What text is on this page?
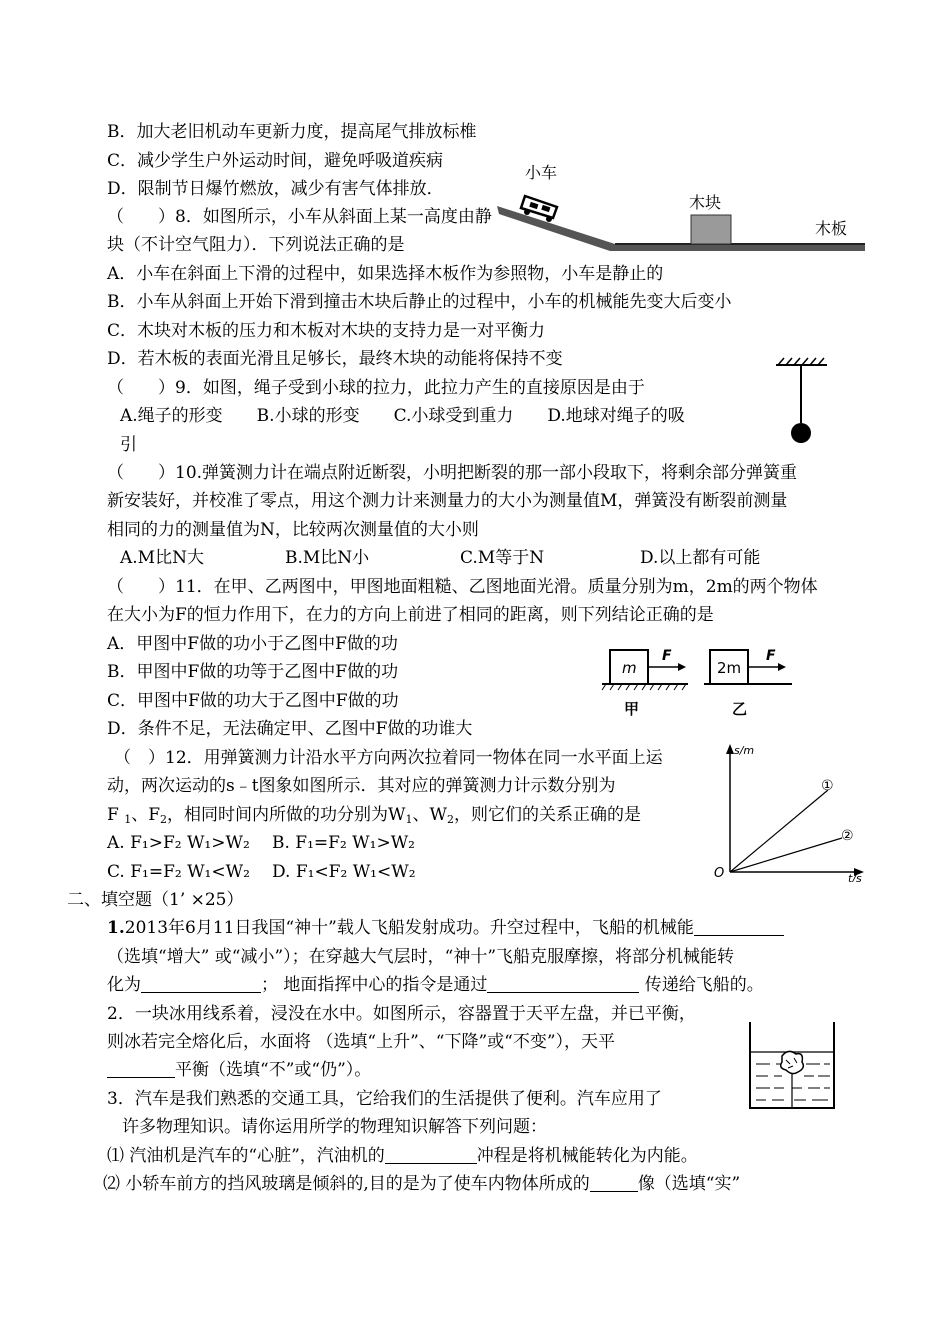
B．加大老旧机动车更新力度，提高尾气排放标椎
C．减少学生户外运动时间，避免呼吸道疾病
D．限制节日爆竹燃放，减少有害气体排放．
（　　）8．如图所示，小车从斜面上某一高度由静
块（不计空气阻力）．下列说法正确的是
小车
木块
木板
A．小车在斜面上下滑的过程中，如果选择木板作为参照物，小车是静止的
B．小车从斜面上开始下滑到撞击木块后静止的过程中，小车的机械能先变大后变小
C．木块对木板的压力和木板对木块的支持力是一对平衡力
D．若木板的表面光滑且足够长，最终木块的动能将保持不变
（　　）9．如图，绳子受到小球的拉力，此拉力产生的直接原因是由于
A.绳子的形变　　B.小球的形变　　C.小球受到重力　　D.地球对绳子的吸
引
（　　）10.弹簧测力计在端点附近断裂，小明把断裂的那一部小段取下，将剩余部分弹簧重
新安装好，并校准了零点，用这个测力计来测量力的大小为测量值M，弹簧没有断裂前测量
相同的力的测量值为N，比较两次测量值的大小则
A.M比N大	B.M比N小	C.M等于N	D.以上都有可能
（　　）11．在甲、乙两图中，甲图地面粗糙、乙图地面光滑。质量分别为m，2m的两个物体
在大小为F的恒力作用下，在力的方向上前进了相同的距离，则下列结论正确的是
A．甲图中F做的功小于乙图中F做的功
B．甲图中F做的功等于乙图中F做的功
C．甲图中F做的功大于乙图中F做的功
D．条件不足，无法确定甲、乙图中F做的功谁大
m
F
甲
2m
F
乙
（　）12．用弹簧测力计沿水平方向两次拉着同一物体在同一水平面上运
动，两次运动的s﹣t图象如图所示．其对应的弹簧测力计示数分别为
F $_1$、$F_2$，相同时间内所做的功分别为$W_1$、$W_2$，则它们的关系正确的是
A. F₁>F₂ W₁>W₂ B. F₁=F₂ W₁>W₂
C. F₁=F₂ W₁<W₂ D. F₁<F₂ W₁<W₂
s/m
t/s
O
①
②
二、填空题（1’ ×25）
1.2013年6月11日我国“神十”载人飞船发射成功。升空过程中，飞船的机械能
（选填“增大” 或“减小”）；在穿越大气层时，“神十”飞船克服摩擦，将部分机械能转
化为	； 地面指挥中心的指令是通过	传递给飞船的。
2．一块冰用线系着，浸没在水中。如图所示，容器置于天平左盘，并已平衡，
则冰若完全熔化后，水面将 （选填“上升”、“下降”或“不变”），天平
平衡（选填“不”或“仍”）。
3．汽车是我们熟悉的交通工具，它给我们的生活提供了便利。汽车应用了
许多物理知识。请你运用所学的物理知识解答下列问题：
⑴ 汽油机是汽车的“心脏”，汽油机的	冲程是将机械能转化为内能。
⑵ 小轿车前方的挡风玻璃是倾斜的,目的是为了使车内物体所成的	像（选填“实”
